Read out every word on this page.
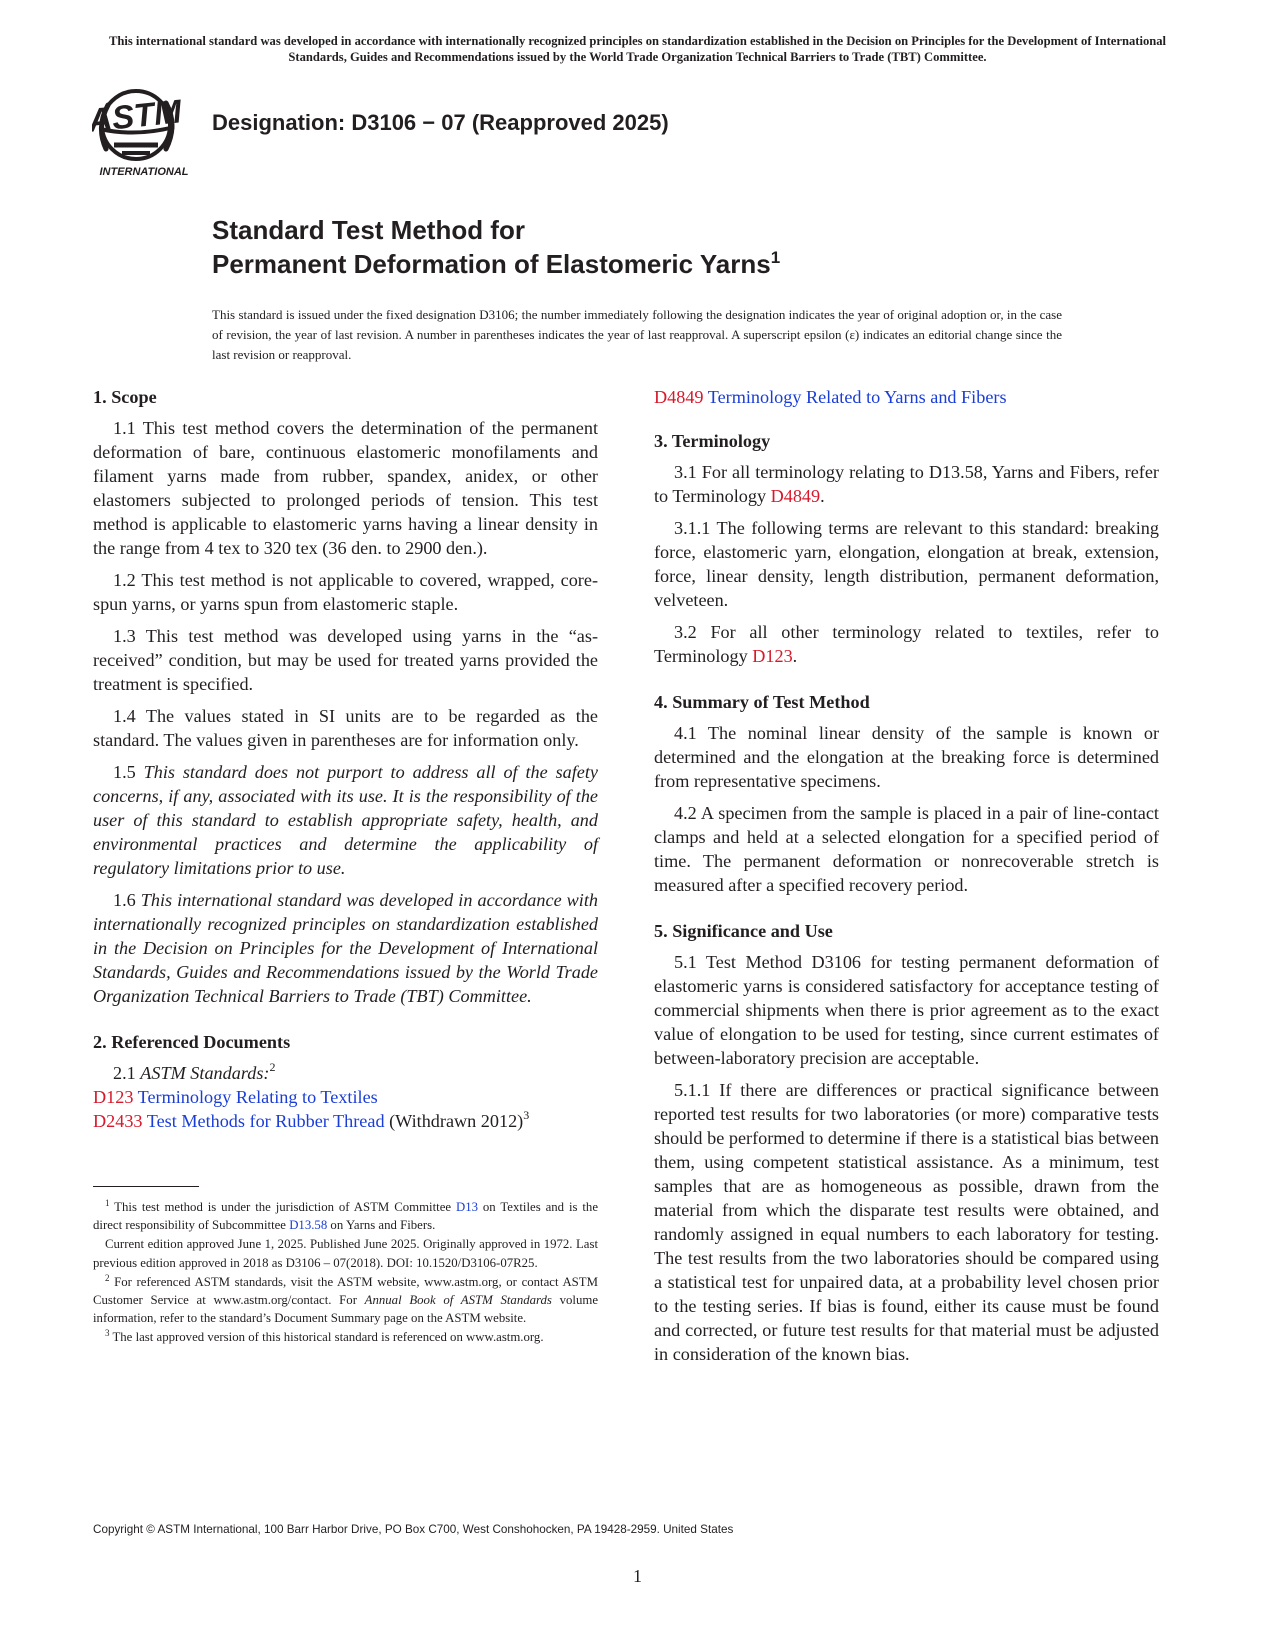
This international standard was developed in accordance with internationally recognized principles on standardization established in the Decision on Principles for the Development of International Standards, Guides and Recommendations issued by the World Trade Organization Technical Barriers to Trade (TBT) Committee.
ASTM
INTERNATIONAL
Designation: D3106 − 07 (Reapproved 2025)
Standard Test Method for
Permanent Deformation of Elastomeric Yarns$^1$
This standard is issued under the fixed designation D3106; the number immediately following the designation indicates the year of original adoption or, in the case of revision, the year of last revision. A number in parentheses indicates the year of last reapproval. A superscript epsilon (ε) indicates an editorial change since the last revision or reapproval.
1. Scope

1.1 This test method covers the determination of the permanent deformation of bare, continuous elastomeric monofilaments and filament yarns made from rubber, spandex, anidex, or other elastomers subjected to prolonged periods of tension. This test method is applicable to elastomeric yarns having a linear density in the range from 4 tex to 320 tex (36 den. to 2900 den.).

1.2 This test method is not applicable to covered, wrapped, core-spun yarns, or yarns spun from elastomeric staple.

1.3 This test method was developed using yarns in the “as-received” condition, but may be used for treated yarns provided the treatment is specified.

1.4 The values stated in SI units are to be regarded as the standard. The values given in parentheses are for information only.

1.5 This standard does not purport to address all of the safety concerns, if any, associated with its use. It is the responsibility of the user of this standard to establish appropriate safety, health, and environmental practices and determine the applicability of regulatory limitations prior to use.

1.6 This international standard was developed in accordance with internationally recognized principles on standardization established in the Decision on Principles for the Development of International Standards, Guides and Recommendations issued by the World Trade Organization Technical Barriers to Trade (TBT) Committee.

2. Referenced Documents

2.1 ASTM Standards:$^2$

D123 Terminology Relating to Textiles

D2433 Test Methods for Rubber Thread (Withdrawn 2012)$^3$

$^1$ This test method is under the jurisdiction of ASTM Committee D13 on Textiles and is the direct responsibility of Subcommittee D13.58 on Yarns and Fibers.

Current edition approved June 1, 2025. Published June 2025. Originally approved in 1972. Last previous edition approved in 2018 as D3106 – 07(2018). DOI: 10.1520/D3106-07R25.

$^2$ For referenced ASTM standards, visit the ASTM website, www.astm.org, or contact ASTM Customer Service at www.astm.org/contact. For Annual Book of ASTM Standards volume information, refer to the standard’s Document Summary page on the ASTM website.

$^3$ The last approved version of this historical standard is referenced on www.astm.org.

D4849 Terminology Related to Yarns and Fibers

3. Terminology

3.1 For all terminology relating to D13.58, Yarns and Fibers, refer to Terminology D4849.

3.1.1 The following terms are relevant to this standard: breaking force, elastomeric yarn, elongation, elongation at break, extension, force, linear density, length distribution, permanent deformation, velveteen.

3.2 For all other terminology related to textiles, refer to Terminology D123.

4. Summary of Test Method

4.1 The nominal linear density of the sample is known or determined and the elongation at the breaking force is determined from representative specimens.

4.2 A specimen from the sample is placed in a pair of line-contact clamps and held at a selected elongation for a specified period of time. The permanent deformation or nonrecoverable stretch is measured after a specified recovery period.

5. Significance and Use

5.1 Test Method D3106 for testing permanent deformation of elastomeric yarns is considered satisfactory for acceptance testing of commercial shipments when there is prior agreement as to the exact value of elongation to be used for testing, since current estimates of between-laboratory precision are acceptable.

5.1.1 If there are differences or practical significance between reported test results for two laboratories (or more) comparative tests should be performed to determine if there is a statistical bias between them, using competent statistical assistance. As a minimum, test samples that are as homogeneous as possible, drawn from the material from which the disparate test results were obtained, and randomly assigned in equal numbers to each laboratory for testing. The test results from the two laboratories should be compared using a statistical test for unpaired data, at a probability level chosen prior to the testing series. If bias is found, either its cause must be found and corrected, or future test results for that material must be adjusted in consideration of the known bias.

Copyright © ASTM International, 100 Barr Harbor Drive, PO Box C700, West Conshohocken, PA 19428-2959. United States
1
